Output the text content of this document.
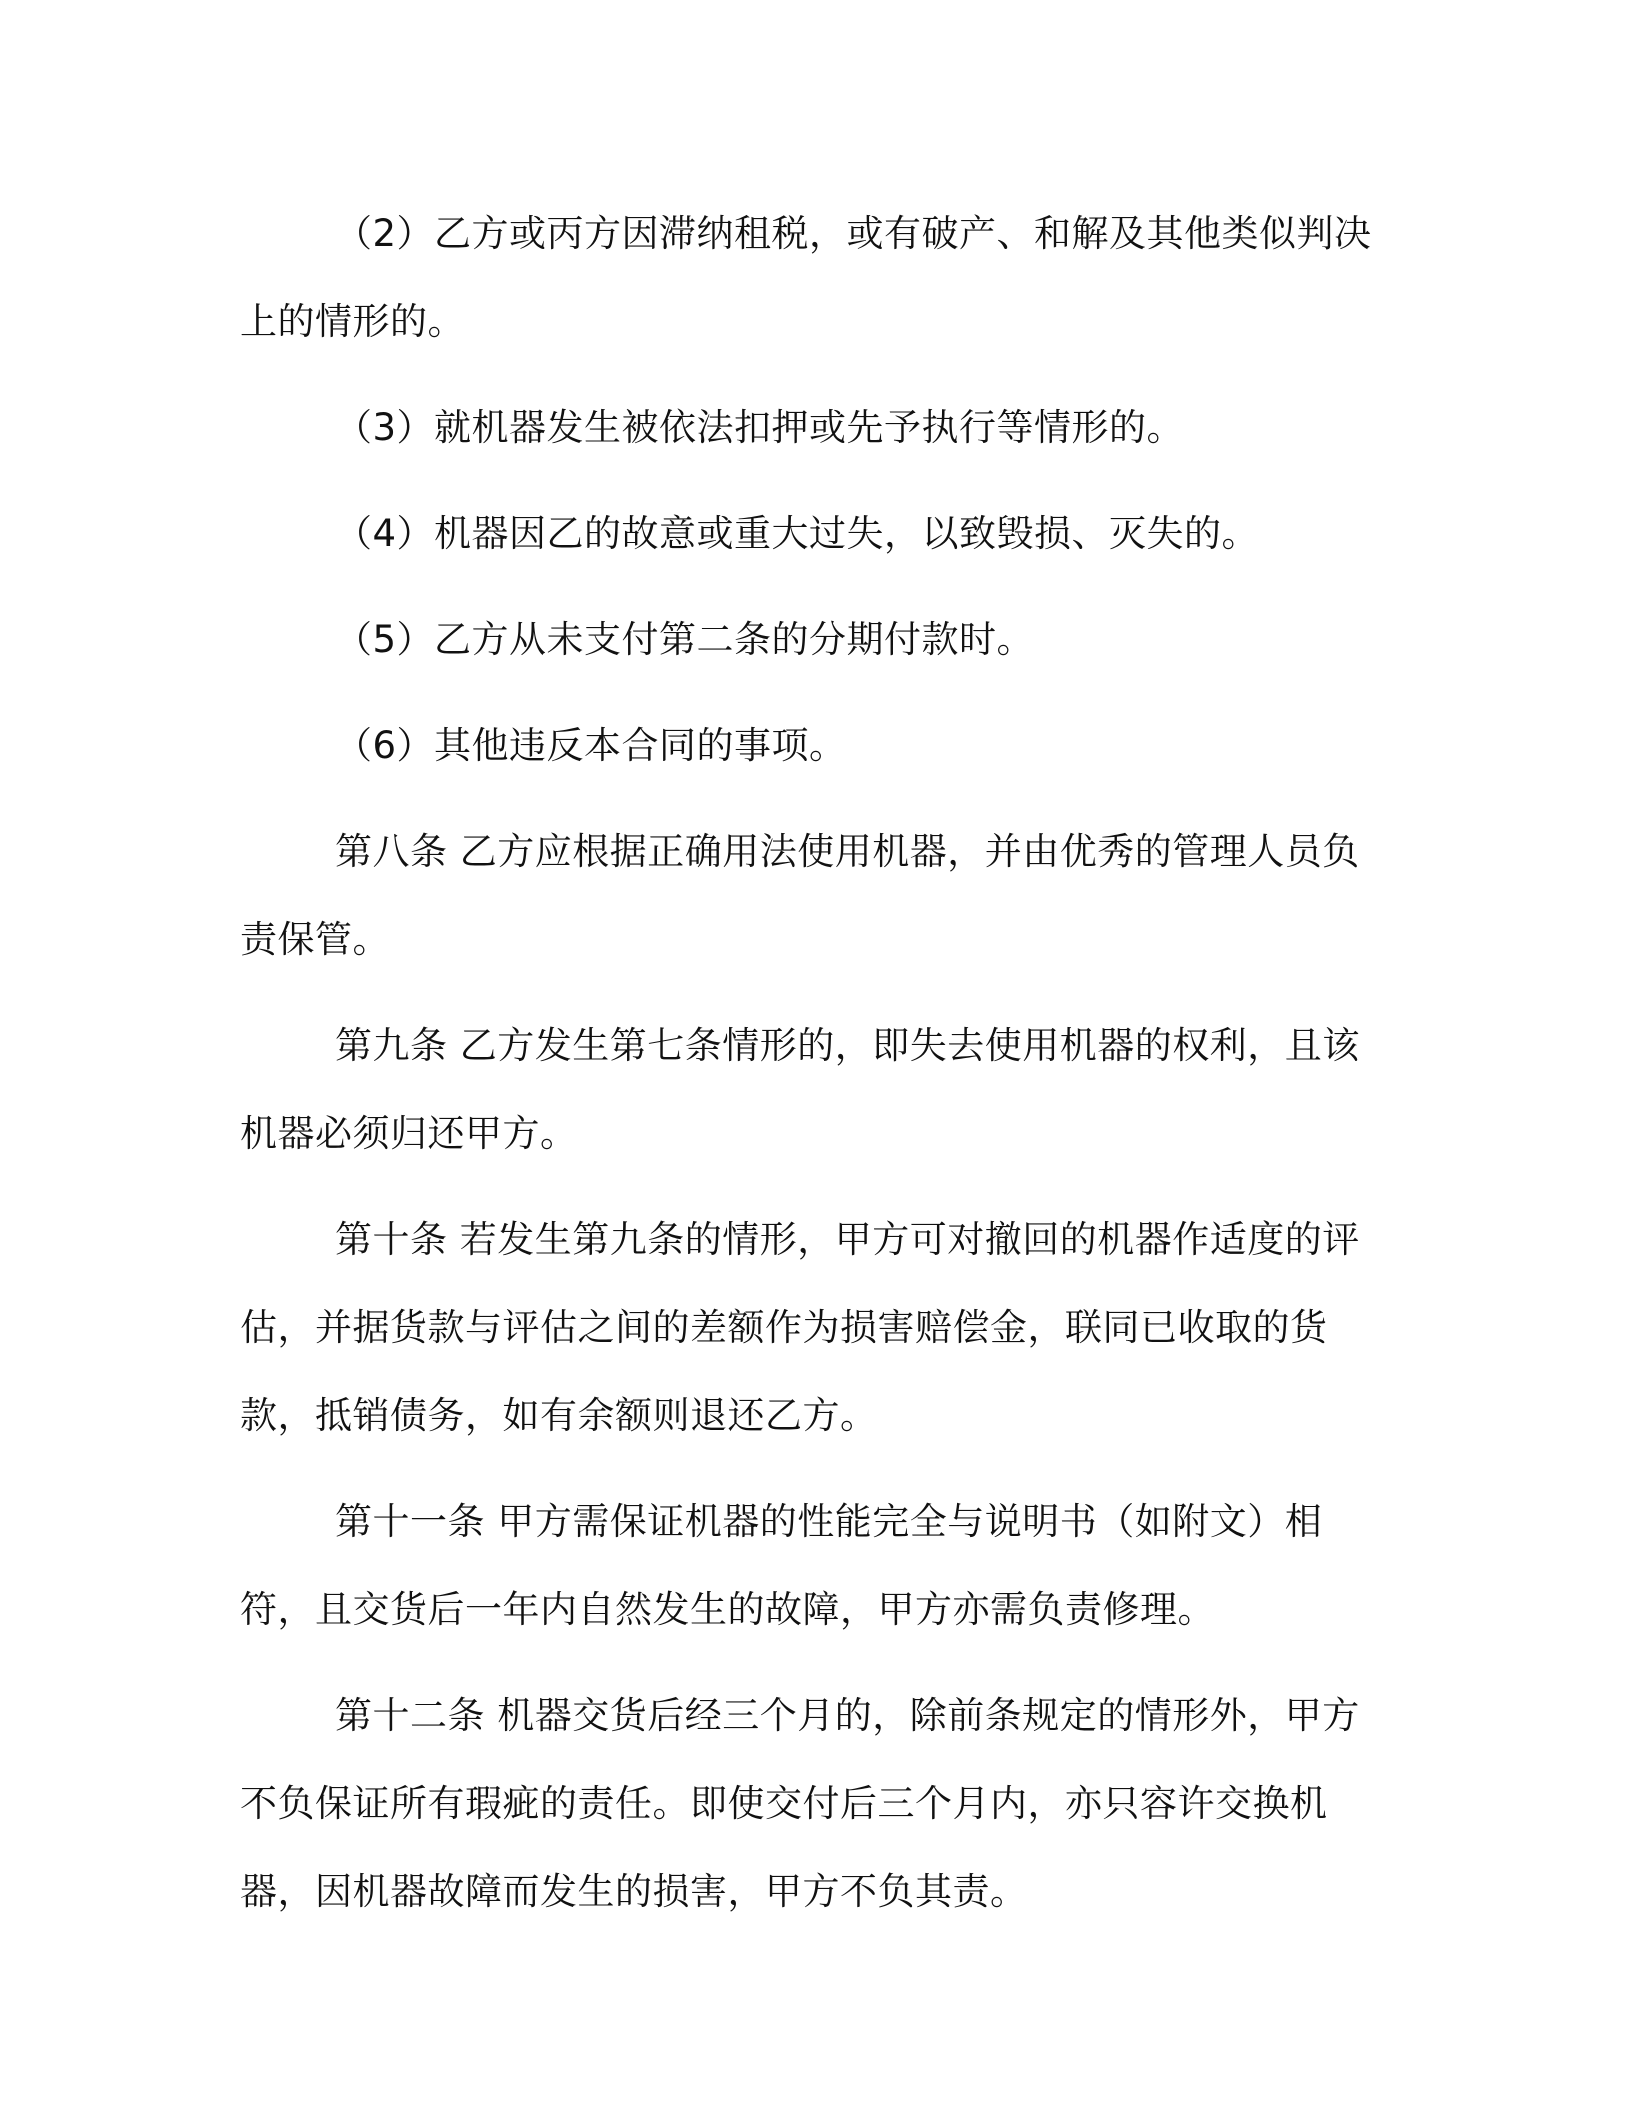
（2）乙方或丙方因滞纳租税，或有破产、和解及其他类似判决上的情形的。

（3）就机器发生被依法扣押或先予执行等情形的。

（4）机器因乙的故意或重大过失，以致毁损、灭失的。

（5）乙方从未支付第二条的分期付款时。

（6）其他违反本合同的事项。

第八条 乙方应根据正确用法使用机器，并由优秀的管理人员负责保管。

第九条 乙方发生第七条情形的，即失去使用机器的权利，且该机器必须归还甲方。

第十条 若发生第九条的情形，甲方可对撤回的机器作适度的评估，并据货款与评估之间的差额作为损害赔偿金，联同已收取的货款，抵销债务，如有余额则退还乙方。

第十一条 甲方需保证机器的性能完全与说明书（如附文）相符，且交货后一年内自然发生的故障，甲方亦需负责修理。

第十二条 机器交货后经三个月的，除前条规定的情形外，甲方不负保证所有瑕疵的责任。即使交付后三个月内，亦只容许交换机器，因机器故障而发生的损害，甲方不负其责。
